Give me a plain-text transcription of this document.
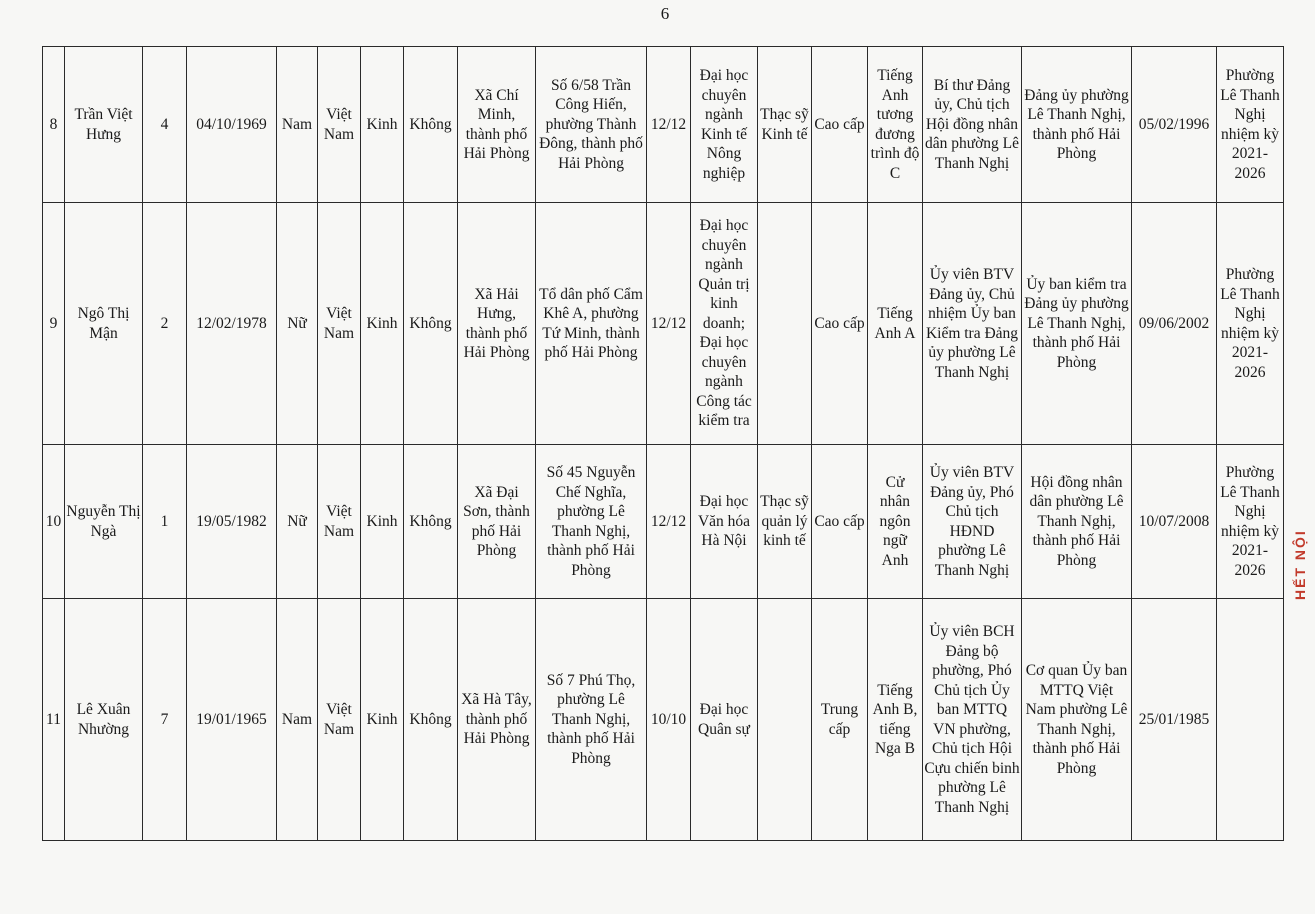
6
8	Trần Việt Hưng	4	04/10/1969	Nam	Việt Nam	Kinh	Không	Xã Chí Minh, thành phố Hải Phòng	Số 6/58 Trần Công Hiến, phường Thành Đông, thành phố Hải Phòng	12/12	Đại học chuyên ngành Kinh tế Nông nghiệp	Thạc sỹ Kinh tế	Cao cấp	Tiếng Anh tương đương trình độ C	Bí thư Đảng ủy, Chủ tịch Hội đồng nhân dân phường Lê Thanh Nghị	Đảng ủy phường Lê Thanh Nghị, thành phố Hải Phòng	05/02/1996	Phường Lê Thanh Nghị nhiệm kỳ 2021-2026
9	Ngô Thị Mận	2	12/02/1978	Nữ	Việt Nam	Kinh	Không	Xã Hải Hưng, thành phố Hải Phòng	Tổ dân phố Cẩm Khê A, phường Tứ Minh, thành phố Hải Phòng	12/12	Đại học chuyên ngành Quản trị kinh doanh; Đại học chuyên ngành Công tác kiểm tra		Cao cấp	Tiếng Anh A	Ủy viên BTV Đảng ủy, Chủ nhiệm Ủy ban Kiểm tra Đảng ủy phường Lê Thanh Nghị	Ủy ban kiểm tra Đảng ủy phường Lê Thanh Nghị, thành phố Hải Phòng	09/06/2002	Phường Lê Thanh Nghị nhiệm kỳ 2021-2026
10	Nguyễn Thị Ngà	1	19/05/1982	Nữ	Việt Nam	Kinh	Không	Xã Đại Sơn, thành phố Hải Phòng	Số 45 Nguyễn Chế Nghĩa, phường Lê Thanh Nghị, thành phố Hải Phòng	12/12	Đại học Văn hóa Hà Nội	Thạc sỹ quản lý kinh tế	Cao cấp	Cử nhân ngôn ngữ Anh	Ủy viên BTV Đảng ủy, Phó Chủ tịch HĐND phường Lê Thanh Nghị	Hội đồng nhân dân phường Lê Thanh Nghị, thành phố Hải Phòng	10/07/2008	Phường Lê Thanh Nghị nhiệm kỳ 2021-2026
11	Lê Xuân Nhường	7	19/01/1965	Nam	Việt Nam	Kinh	Không	Xã Hà Tây, thành phố Hải Phòng	Số 7 Phú Thọ, phường Lê Thanh Nghị, thành phố Hải Phòng	10/10	Đại học Quân sự		Trung cấp	Tiếng Anh B, tiếng Nga B	Ủy viên BCH Đảng bộ phường, Phó Chủ tịch Ủy ban MTTQ VN phường, Chủ tịch Hội Cựu chiến binh phường Lê Thanh Nghị	Cơ quan Ủy ban MTTQ Việt Nam phường Lê Thanh Nghị, thành phố Hải Phòng	25/01/1985	
HẾT NỘI
